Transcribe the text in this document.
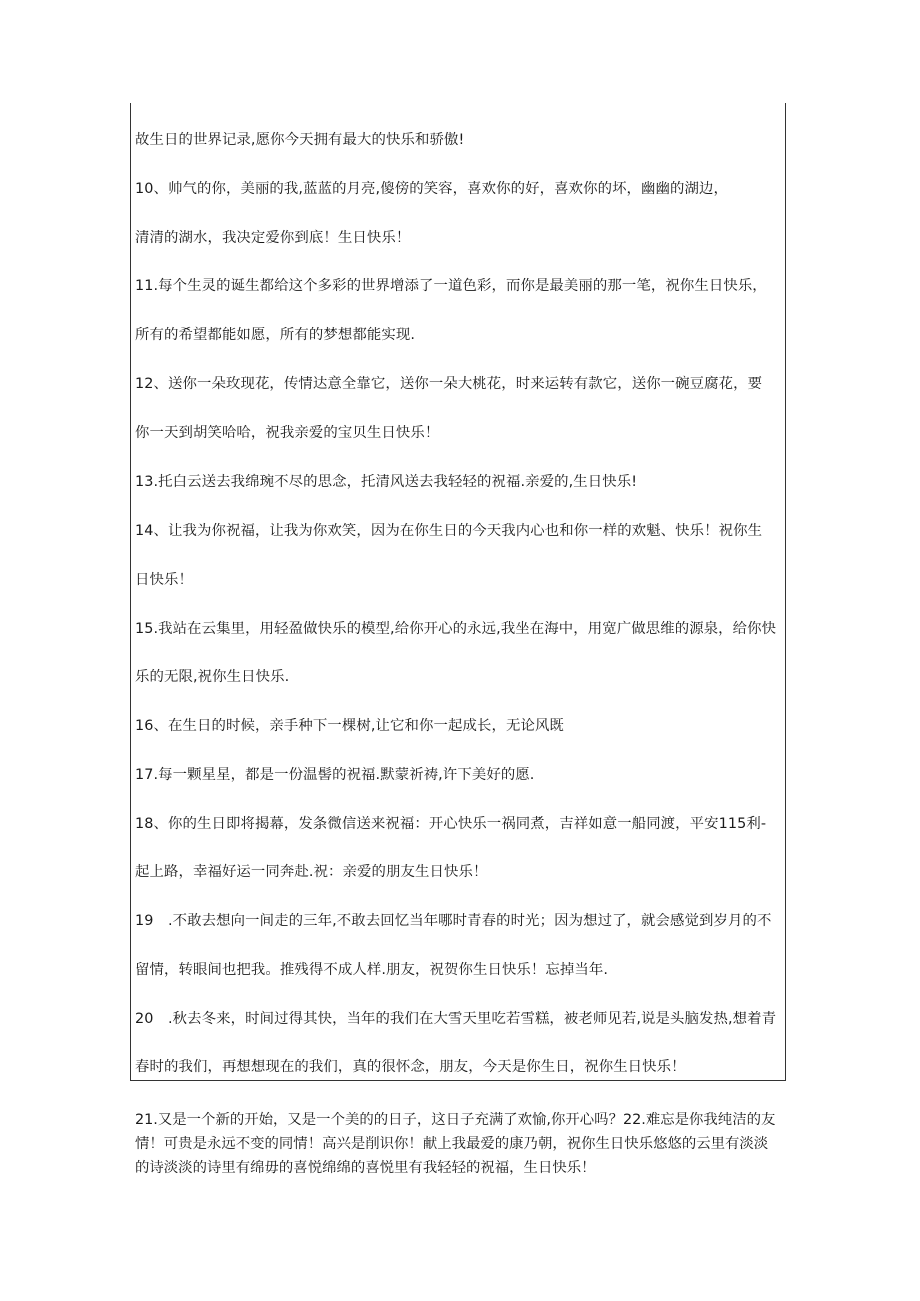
故生日的世界记录,愿你今天拥有最大的快乐和骄傲!
10、帅气的你，美丽的我,蓝蓝的月亮,傻傍的笑容，喜欢你的好，喜欢你的坏，幽幽的湖边，
清清的湖水，我决定爱你到底！生日快乐！
11.每个生灵的诞生都给这个多彩的世界增添了一道色彩，而你是最美丽的那一笔，祝你生日快乐，
所有的希望都能如愿，所有的梦想都能实现.
12、送你一朵玫现花，传情达意全靠它，送你一朵大桃花，时来运转有款它，送你一碗豆腐花，要
你一天到胡笑哈哈，祝我亲爱的宝贝生日快乐！
13.托白云送去我绵琬不尽的思念，托清风送去我轻轻的祝福.亲爱的,生日快乐!
14、让我为你祝福，让我为你欢笑，因为在你生日的今天我内心也和你一样的欢魁、快乐！祝你生
日快乐！
15.我站在云集里，用轻盈做快乐的模型,给你开心的永远,我坐在海中，用宽广做思维的源泉，给你快
乐的无限,祝你生日快乐.
16、在生日的时候，亲手种下一棵树,让它和你一起成长，无论风既
17.每一颗星星，都是一份温髻的祝福.默蒙祈祷,许下美好的愿.
18、你的生日即将揭幕，发条微信送来祝福：开心快乐一祸同煮，吉祥如意一船同渡，平安115利-
起上路，幸福好运一同奔赴.祝：亲爱的朋友生日快乐！
19　.不敢去想向一间走的三年,不敢去回忆当年哪时青春的时光；因为想过了，就会感觉到岁月的不
留情，转眼间也把我。推残得不成人样.朋友，祝贺你生日快乐！忘掉当年.
20　.秋去冬来，时间过得其快，当年的我们在大雪天里吃若雪糕，被老师见若,说是头脑发热,想着青
春时的我们，再想想现在的我们，真的很怀念，朋友，今天是你生日，祝你生日快乐！

21.又是一个新的开始，又是一个美的的日子，这日子充满了欢愉,你开心吗？22.难忘是你我纯洁的友

情！可贵是永远不变的同情！高兴是削识你！献上我最爱的康乃朝，祝你生日快乐悠悠的云里有淡淡

的诗淡淡的诗里有绵毋的喜悦绵绵的喜悦里有我轻轻的祝福，生日快乐！
